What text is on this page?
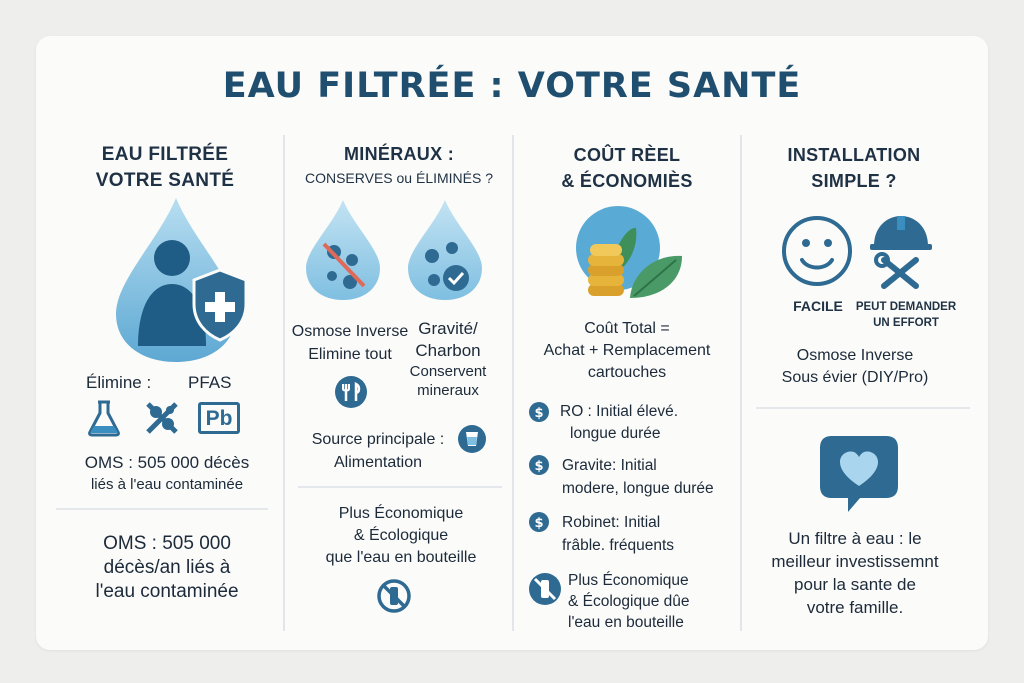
EAU FILTRÉE : VOTRE SANTÉ
EAU FILTRÉE
VOTRE SANTÉ
Élimine : PFAS
Pb
OMS : 505 000 décès
liés à l'eau contaminée
OMS : 505 000
décès/an liés à
l'eau contaminée
MINÉRAUX :
CONSERVES ou ÉLIMINÉS ?
Osmose Inverse
Elimine tout
Gravité/
Charbon
Conservent
mineraux
Source principale :
Alimentation
Plus Économique
& Écologique
que l'eau en bouteille
COÛT RÈEL
& ÉCONOMIÈS
Coût Total =
Achat + Remplacement
cartouches
$ RO : Initial élevé.
longue durée
$ Gravite: Initial
modere, longue durée
$ Robinet: Initial
frâble. fréquents
Plus Économique
& Écologique dûe
l'eau en bouteille
INSTALLATION
SIMPLE ?
FACILE	PEUT DEMANDER
UN EFFORT
Osmose Inverse
Sous évier (DIY/Pro)
Un filtre à eau : le
meilleur investissemnt
pour la sante de
votre famille.
